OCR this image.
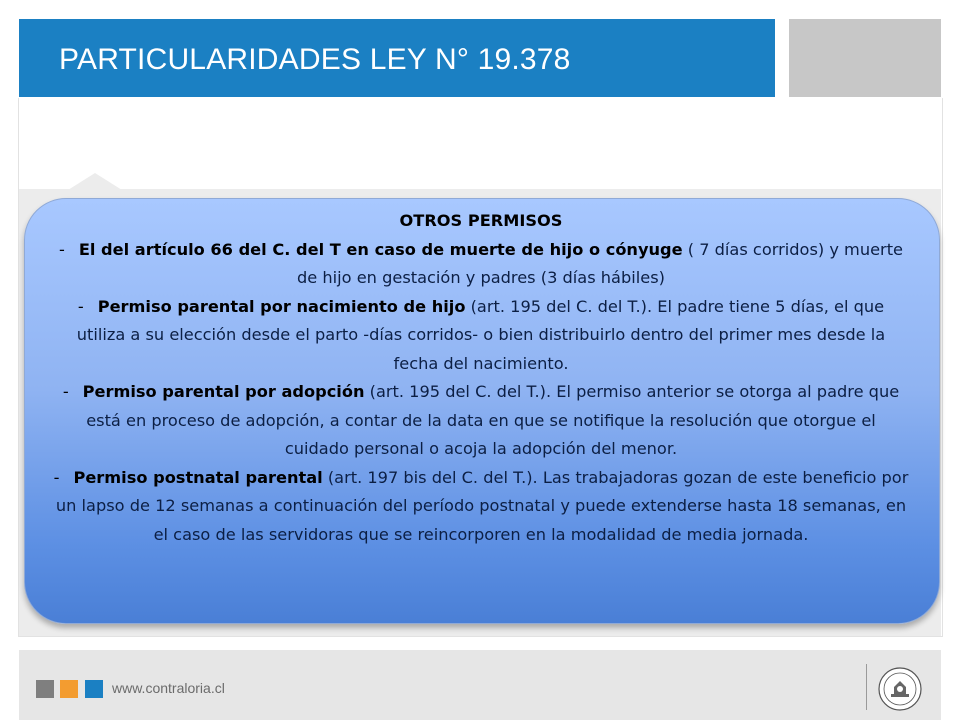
PARTICULARIDADES LEY N° 19.378
OTROS PERMISOS

- El del artículo 66 del C. del T en caso de muerte de hijo o cónyuge ( 7 días corridos) y muerte de hijo en gestación y padres (3 días hábiles)

- Permiso parental por nacimiento de hijo (art. 195 del C. del T.). El padre tiene 5 días, el que utiliza a su elección desde el parto -días corridos- o bien distribuirlo dentro del primer mes desde la fecha del nacimiento.

- Permiso parental por adopción (art. 195 del C. del T.). El permiso anterior se otorga al padre que está en proceso de adopción, a contar de la data en que se notifique la resolución que otorgue el cuidado personal o acoja la adopción del menor.

- Permiso postnatal parental (art. 197 bis del C. del T.). Las trabajadoras gozan de este beneficio por un lapso de 12 semanas a continuación del período postnatal y puede extenderse hasta 18 semanas, en el caso de las servidoras que se reincorporen en la modalidad de media jornada.

www.contraloria.cl
